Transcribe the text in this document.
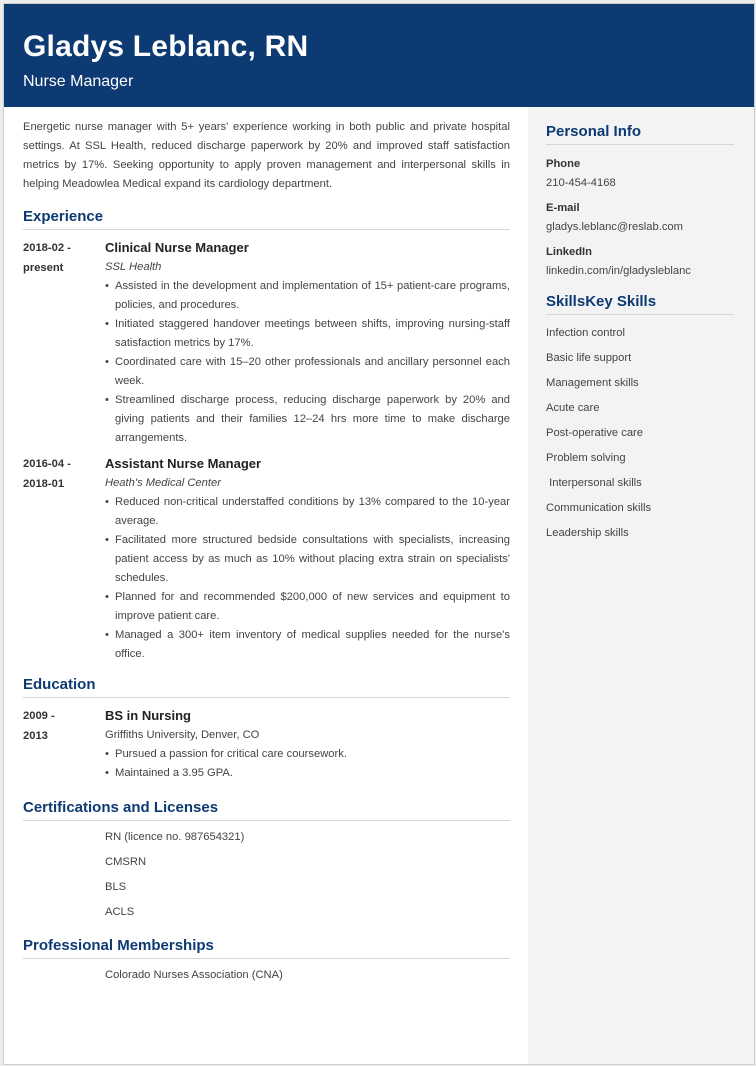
Gladys Leblanc, RN
Nurse Manager
Personal Info
Phone
210-454-4168
E-mail
gladys.leblanc@reslab.com
LinkedIn
linkedin.com/in/gladysleblanc
SkillsKey Skills
Infection control
Basic life support
Management skills
Acute care
Post-operative care
Problem solving
Interpersonal skills
Communication skills
Leadership skills

Energetic nurse manager with 5+ years' experience working in both public and private hospital settings. At SSL Health, reduced discharge paperwork by 20% and improved staff satisfaction metrics by 17%. Seeking opportunity to apply proven management and interpersonal skills in helping Meadowlea Medical expand its cardiology department.

Experience
2018-02 -
present
Clinical Nurse Manager
SSL Health
• Assisted in the development and implementation of 15+ patient-care programs, policies, and procedures.
• Initiated staggered handover meetings between shifts, improving nursing-staff satisfaction metrics by 17%.
• Coordinated care with 15–20 other professionals and ancillary personnel each week.
• Streamlined discharge process, reducing discharge paperwork by 20% and giving patients and their families 12–24 hrs more time to make discharge arrangements.
2016-04 -
2018-01
Assistant Nurse Manager
Heath's Medical Center
• Reduced non-critical understaffed conditions by 13% compared to the 10-year average.
• Facilitated more structured bedside consultations with specialists, increasing patient access by as much as 10% without placing extra strain on specialists' schedules.
• Planned for and recommended $200,000 of new services and equipment to improve patient care.
• Managed a 300+ item inventory of medical supplies needed for the nurse's office.
Education
2009 -
2013
BS in Nursing
Griffiths University, Denver, CO
• Pursued a passion for critical care coursework.
• Maintained a 3.95 GPA.
Certifications and Licenses
RN (licence no. 987654321)
CMSRN
BLS
ACLS
Professional Memberships
Colorado Nurses Association (CNA)
